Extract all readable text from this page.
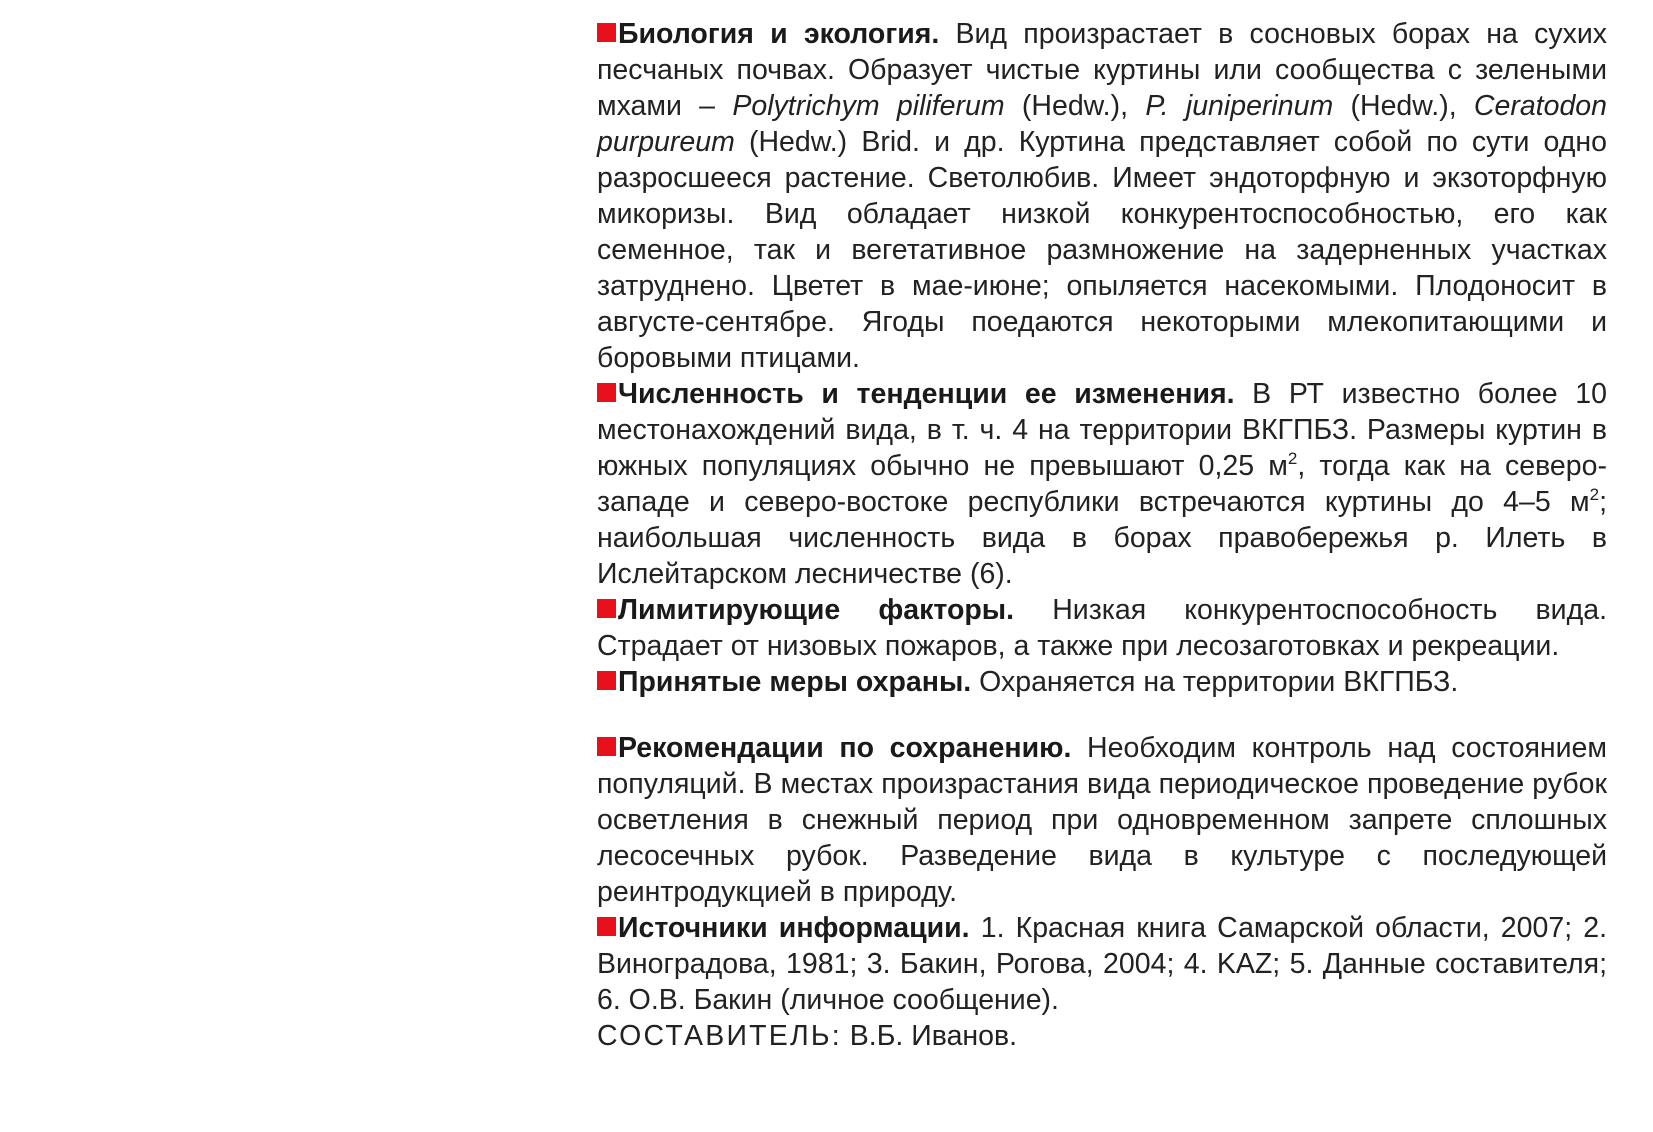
Биология и экология. Вид произрастает в сосновых борах на сухих песчаных почвах. Образует чистые куртины или сообщества с зелеными мхами – Polytrichym piliferum (Hedw.), P. juniperinum (Hedw.), Ceratodon purpureum (Hedw.) Brid. и др. Куртина представляет собой по сути одно разросшееся растение. Светолюбив. Имеет эндоторфную и экзоторфную микоризы. Вид обладает низкой конкурентоспособностью, его как семенное, так и вегетативное размножение на задерненных участках затруднено. Цветет в мае-июне; опыляется насекомыми. Плодоносит в августе-сентябре. Ягоды поедаются некоторыми млекопитающими и боровыми птицами.

Численность и тенденции ее изменения. В РТ известно более 10 местонахождений вида, в т. ч. 4 на территории ВКГПБЗ. Размеры куртин в южных популяциях обычно не превышают 0,25 $м^2$, тогда как на северо-западе и северо-востоке республики встречаются куртины до 4–5 $м^2$; наибольшая численность вида в борах правобережья р. Илеть в Ислейтарском лесничестве (6).

Лимитирующие факторы. Низкая конкурентоспособность вида. Страдает от низовых пожаров, а также при лесозаготовках и рекреации.

Принятые меры охраны. Охраняется на территории ВКГПБЗ.

Рекомендации по сохранению. Необходим контроль над состоянием популяций. В местах произрастания вида периодическое проведение рубок осветления в снежный период при одновременном запрете сплошных лесосечных рубок. Разведение вида в культуре с последующей реинтродукцией в природу.

Источники информации. 1. Красная книга Самарской области, 2007; 2. Виноградова, 1981; 3. Бакин, Рогова, 2004; 4. KAZ; 5. Данные составителя; 6. О.В. Бакин (личное сообщение).

СОСТАВИТЕЛЬ: В.Б. Иванов.
